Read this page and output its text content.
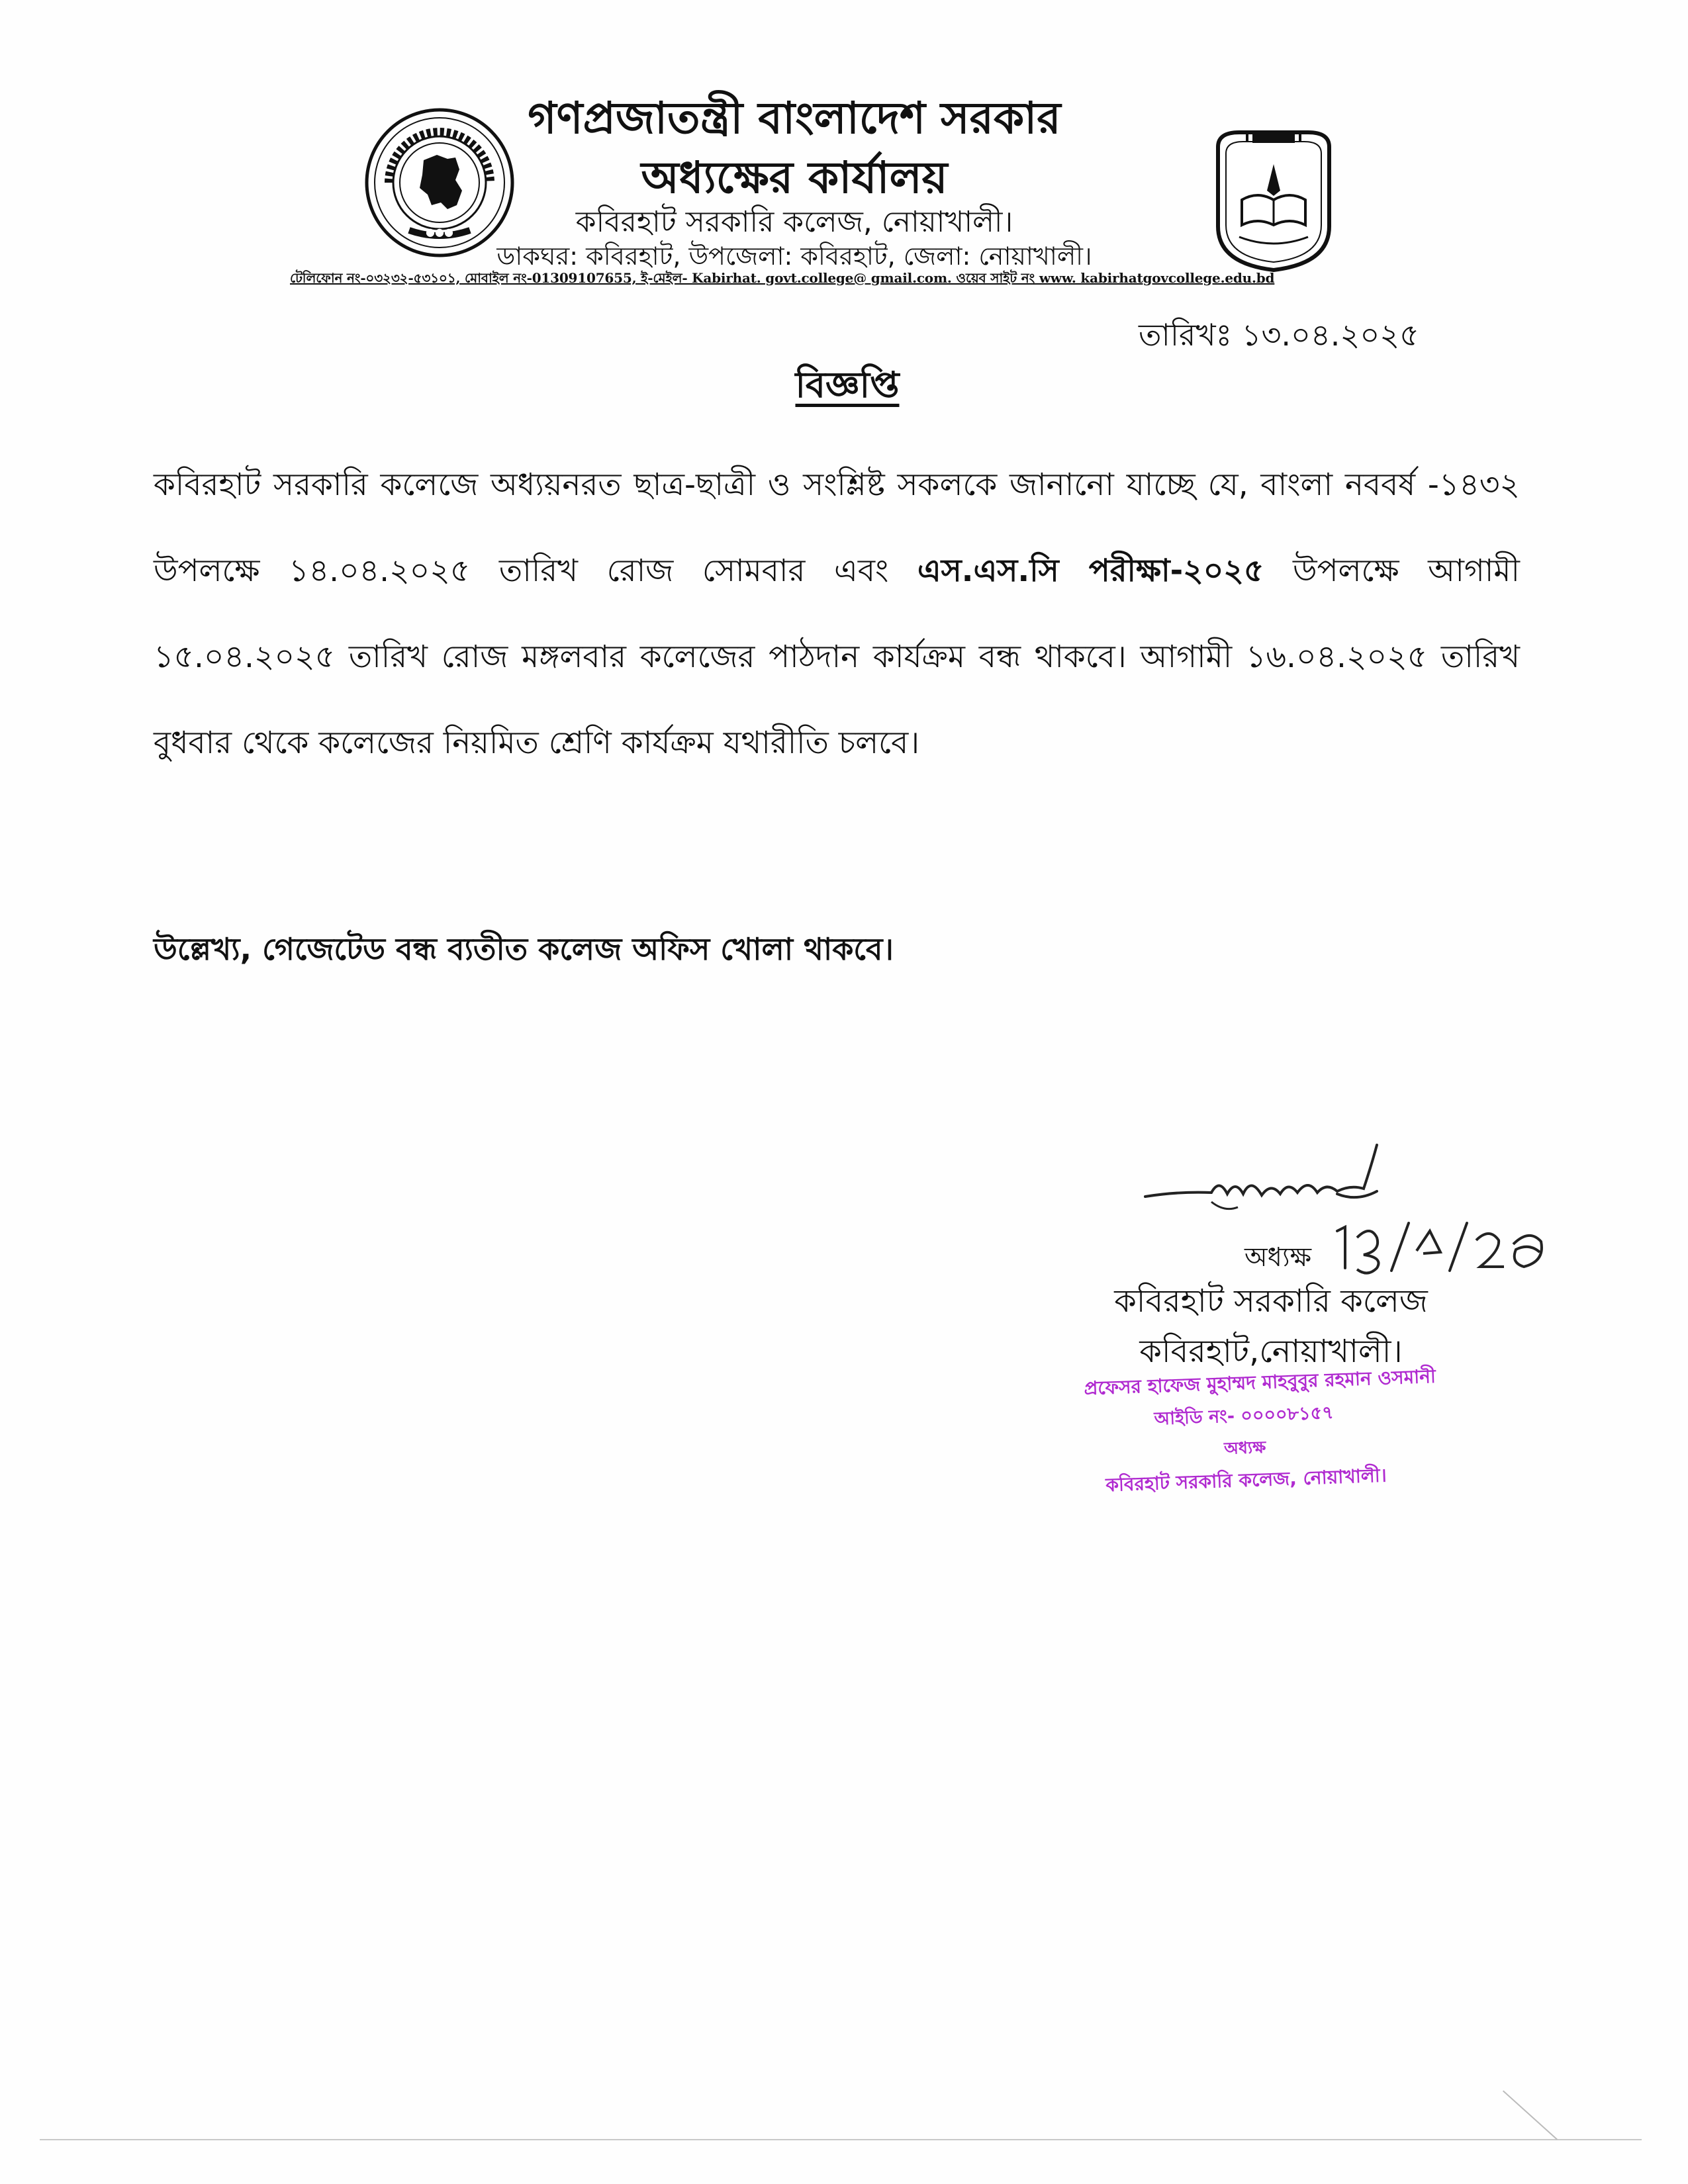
●●●
গণপ্রজাতন্ত্রী বাংলাদেশ সরকার
অধ্যক্ষের কার্যালয়
কবিরহাট সরকারি কলেজ, নোয়াখালী।
ডাকঘর: কবিরহাট, উপজেলা: কবিরহাট, জেলা: নোয়াখালী।
টেলিফোন নং-০৩২৩২-৫৩১০১, মোবাইল নং-01309107655, ই-মেইল- Kabirhat. govt.college@ gmail.com. ওয়েব সাইট নং www. kabirhatgovcollege.edu.bd
তারিখঃ ১৩.০৪.২০২৫
বিজ্ঞপ্তি
কবিরহাট সরকারি কলেজে অধ্যয়নরত ছাত্র-ছাত্রী ও সংশ্লিষ্ট সকলকে জানানো যাচ্ছে যে, বাংলা নববর্ষ -১৪৩২ উপলক্ষে ১৪.০৪.২০২৫ তারিখ রোজ সোমবার এবং এস.এস.সি পরীক্ষা-২০২৫ উপলক্ষে আগামী ১৫.০৪.২০২৫ তারিখ রোজ মঙ্গলবার কলেজের পাঠদান কার্যক্রম বন্ধ থাকবে। আগামী ১৬.০৪.২০২৫ তারিখ বুধবার থেকে কলেজের নিয়মিত শ্রেণি কার্যক্রম যথারীতি চলবে।
উল্লেখ্য, গেজেটেড বন্ধ ব্যতীত কলেজ অফিস খোলা থাকবে।
অধ্যক্ষ
কবিরহাট সরকারি কলেজ
কবিরহাট,নোয়াখালী।
প্রফেসর হাফেজ মুহাম্মদ মাহবুবুর রহমান ওসমানী
আইডি নং- ০০০০৮১৫৭
অধ্যক্ষ
কবিরহাট সরকারি কলেজ, নোয়াখালী।
